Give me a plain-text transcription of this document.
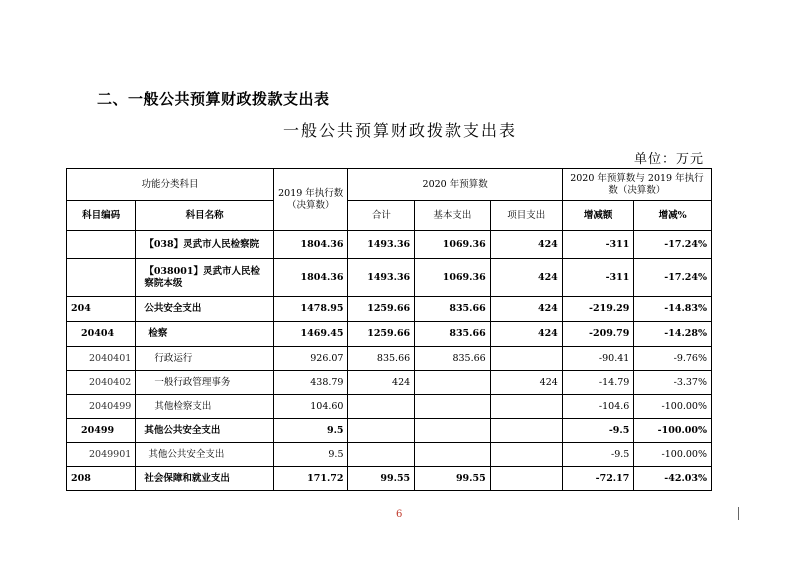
二、一般公共预算财政拨款支出表
一般公共预算财政拨款支出表
单位：万元
功能分类科目		2019 年执行数（决算数）	2020 年预算数			2020 年预算数与 2019 年执行数（决算数）	
科目编码	科目名称		合计	基本支出	项目支出	增减额	增减%
	【038】灵武市人民检察院	1804.36	1493.36	1069.36	424	-311	-17.24%
	【038001】灵武市人民检察院本级	1804.36	1493.36	1069.36	424	-311	-17.24%
204	公共安全支出	1478.95	1259.66	835.66	424	-219.29	-14.83%
20404	检察	1469.45	1259.66	835.66	424	-209.79	-14.28%
2040401	行政运行	926.07	835.66	835.66		-90.41	-9.76%
2040402	一般行政管理事务	438.79	424		424	-14.79	-3.37%
2040499	其他检察支出	104.60				-104.6	-100.00%
20499	其他公共安全支出	9.5				-9.5	-100.00%
2049901	其他公共安全支出	9.5				-9.5	-100.00%
208	社会保障和就业支出	171.72	99.55	99.55		-72.17	-42.03%
6
